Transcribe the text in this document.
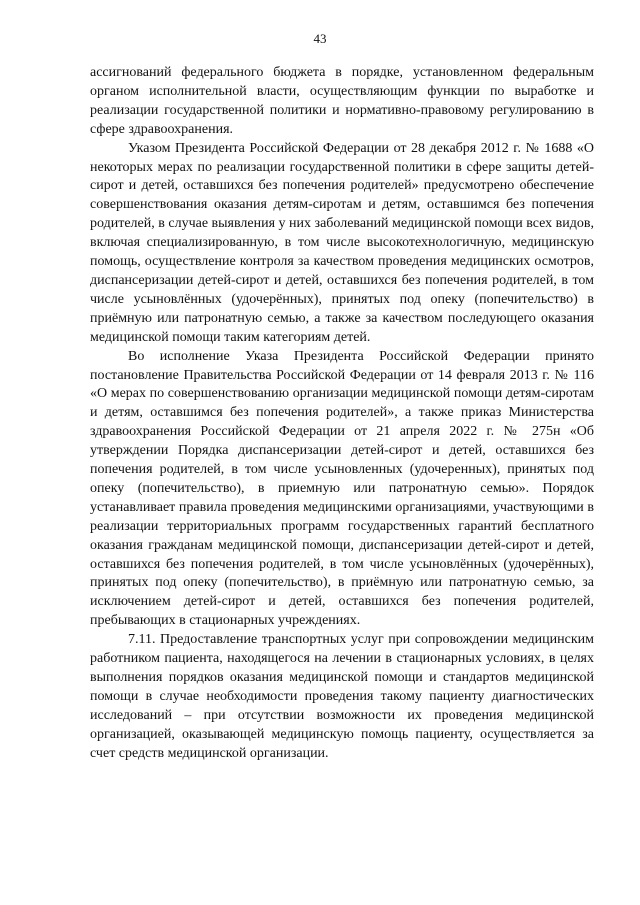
43

ассигнований федерального бюджета в порядке, установленном федеральным органом исполнительной власти, осуществляющим функции по выработке и реализации государственной политики и нормативно-правовому регулированию в сфере здравоохранения.

Указом Президента Российской Федерации от 28 декабря 2012 г. № 1688 «О некоторых мерах по реализации государственной политики в сфере защиты детей-сирот и детей, оставшихся без попечения родителей» предусмотрено обеспечение совершенствования оказания детям-сиротам и детям, оставшимся без попечения родителей, в случае выявления у них заболеваний медицинской помощи всех видов, включая специализированную, в том числе высокотехнологичную, медицинскую помощь, осуществление контроля за качеством проведения медицинских осмотров, диспансеризации детей-сирот и детей, оставшихся без попечения родителей, в том числе усыновлённых (удочерённых), принятых под опеку (попечительство) в приёмную или патронатную семью, а также за качеством последующего оказания медицинской помощи таким категориям детей.

Во исполнение Указа Президента Российской Федерации принято постановление Правительства Российской Федерации от 14 февраля 2013 г. № 116 «О мерах по совершенствованию организации медицинской помощи детям-сиротам и детям, оставшимся без попечения родителей», а также приказ Министерства здравоохранения Российской Федерации от 21 апреля 2022 г. № 275н «Об утверждении Порядка диспансеризации детей-сирот и детей, оставшихся без попечения родителей, в том числе усыновленных (удочеренных), принятых под опеку (попечительство), в приемную или патронатную семью». Порядок устанавливает правила проведения медицинскими организациями, участвующими в реализации территориальных программ государственных гарантий бесплатного оказания гражданам медицинской помощи, диспансеризации детей-сирот и детей, оставшихся без попечения родителей, в том числе усыновлённых (удочерённых), принятых под опеку (попечительство), в приёмную или патронатную семью, за исключением детей-сирот и детей, оставшихся без попечения родителей, пребывающих в стационарных учреждениях.

7.11. Предоставление транспортных услуг при сопровождении медицинским работником пациента, находящегося на лечении в стационарных условиях, в целях выполнения порядков оказания медицинской помощи и стандартов медицинской помощи в случае необходимости проведения такому пациенту диагностических исследований – при отсутствии возможности их проведения медицинской организацией, оказывающей медицинскую помощь пациенту, осуществляется за счет средств медицинской организации.
